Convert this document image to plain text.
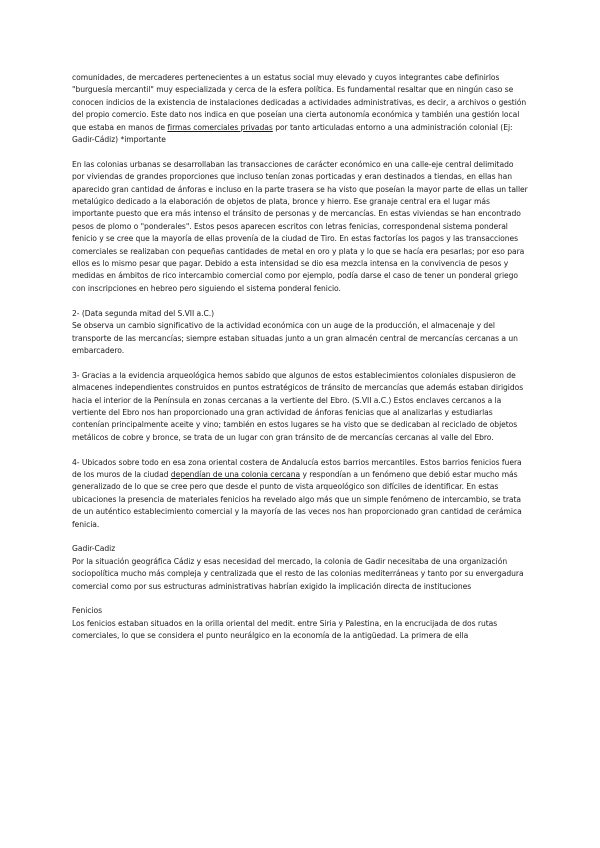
comunidades, de mercaderes pertenecientes a un estatus social muy elevado y cuyos integrantes cabe definirlos "burguesía mercantil" muy especializada y cerca de la esfera política. Es fundamental resaltar que en ningún caso se conocen indicios de la existencia de instalaciones dedicadas a actividades administrativas, es decir, a archivos o gestión del propio comercio. Este dato nos indica en que poseían una cierta autonomía económica y también una gestión local que estaba en manos de firmas comerciales privadas por tanto articuladas entorno a una administración colonial (Ej: Gadir-Cádiz) *importante

En las colonias urbanas se desarrollaban las transacciones de carácter económico en una calle-eje central delimitado por viviendas de grandes proporciones que incluso tenían zonas porticadas y eran destinados a tiendas, en ellas han aparecido gran cantidad de ánforas e incluso en la parte trasera se ha visto que poseían la mayor parte de ellas un taller metalúgico dedicado a la elaboración de objetos de plata, bronce y hierro. Ese granaje central era el lugar más importante puesto que era más intenso el tránsito de personas y de mercancías. En estas viviendas se han encontrado pesos de plomo o "ponderales". Estos pesos aparecen escritos con letras fenicias, correspondenal sistema ponderal fenicio y se cree que la mayoría de ellas provenía de la ciudad de Tiro. En estas factorías los pagos y las transacciones comerciales se realizaban con pequeñas cantidades de metal en oro y plata y lo que se hacía era pesarlas; por eso para ellos es lo mismo pesar que pagar. Debido a esta intensidad se dio esa mezcla intensa en la convivencia de pesos y medidas en ámbitos de rico intercambio comercial como por ejemplo, podía darse el caso de tener un ponderal griego con inscripciones en hebreo pero siguiendo el sistema ponderal fenicio.

2- (Data segunda mitad del S.VII a.C.)

Se observa un cambio significativo de la actividad económica con un auge de la producción, el almacenaje y del transporte de las mercancías; siempre estaban situadas junto a un gran almacén central de mercancías cercanas a un embarcadero.

3- Gracias a la evidencia arqueológica hemos sabido que algunos de estos establecimientos coloniales dispusieron de almacenes independientes construidos en puntos estratégicos de tránsito de mercancías que además estaban dirigidos hacia el interior de la Península en zonas cercanas a la vertiente del Ebro. (S.VII a.C.) Estos enclaves cercanos a la vertiente del Ebro nos han proporcionado una gran actividad de ánforas fenicias que al analizarlas y estudiarlas contenían principalmente aceite y vino; también en estos lugares se ha visto que se dedicaban al reciclado de objetos metálicos de cobre y bronce, se trata de un lugar con gran tránsito de de mercancías cercanas al valle del Ebro.

4- Ubicados sobre todo en esa zona oriental costera de Andalucía estos barrios mercantiles. Estos barrios fenicios fuera de los muros de la ciudad dependían de una colonia cercana y respondían a un fenómeno que debió estar mucho más generalizado de lo que se cree pero que desde el punto de vista arqueológico son difíciles de identificar. En estas ubicaciones la presencia de materiales fenicios ha revelado algo más que un simple fenómeno de intercambio, se trata de un auténtico establecimiento comercial y la mayoría de las veces nos han proporcionado gran cantidad de cerámica fenicia.

Gadir-Cadiz

Por la situación geográfica Cádiz y esas necesidad del mercado, la colonia de Gadir necesitaba de una organización sociopolítica mucho más compleja y centralizada que el resto de las colonias mediterráneas y tanto por su envergadura comercial como por sus estructuras administrativas habrían exigido la implicación directa de instituciones

Fenicios

Los fenicios estaban situados en la orilla oriental del medit. entre Siria y Palestina, en la encrucijada de dos rutas comerciales, lo que se considera el punto neurálgico en la economía de la antigüedad. La primera de ella
